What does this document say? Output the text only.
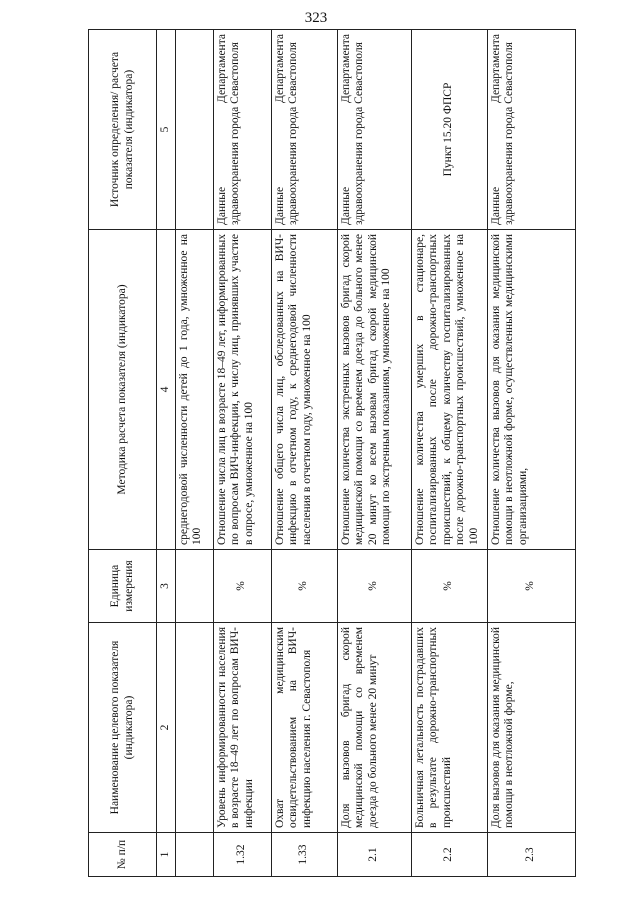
323
№ п/п	Наименование целевого показателя (индикатора)	Единица измерения	Методика расчета показателя (индикатора)	Источник определения/ расчета показателя (индикатора)
1	2	3	4	5
			среднегодовой численности детей до 1 года, умноженное на 100	
1.32	Уровень информированности населения в возрасте 18–49 лет по вопросам ВИЧ-инфекции	%	Отношение числа лиц в возрасте 18–49 лет, информированных по вопросам ВИЧ-инфекции, к числу лиц, принявших участие в опросе, умноженное на 100	Данные Департамента здравоохранения города Севастополя
1.33	Охват медицинским освидетельствованием на ВИЧ-инфекцию населения г. Севастополя	%	Отношение общего числа лиц, обследованных на ВИЧ-инфекцию в отчетном году, к среднегодовой численности населения в отчетном году, умноженное на 100	Данные Департамента здравоохранения города Севастополя
2.1	Доля вызовов бригад скорой медицинской помощи со временем доезда до больного менее 20 минут	%	Отношение количества экстренных вызовов бригад скорой медицинской помощи со временем доезда до больного менее 20 минут ко всем вызовам бригад скорой медицинской помощи по экстренным показаниям, умноженное на 100	Данные Департамента здравоохранения города Севастополя
2.2	Больничная летальность пострадавших в результате дорожно-транспортных происшествий	%	Отношение количества умерших в стационаре, госпитализированных после дорожно-транспортных происшествий, к общему количеству госпитализированных после дорожно-транспортных происшествий, умноженное на 100	Пункт 15.20 ФПСР
2.3	Доля вызовов для оказания медицинской помощи в неотложной форме,	%	Отношение количества вызовов для оказания медицинской помощи в неотложной форме, осуществленных медицинскими организациями,	Данные Департамента здравоохранения города Севастополя
